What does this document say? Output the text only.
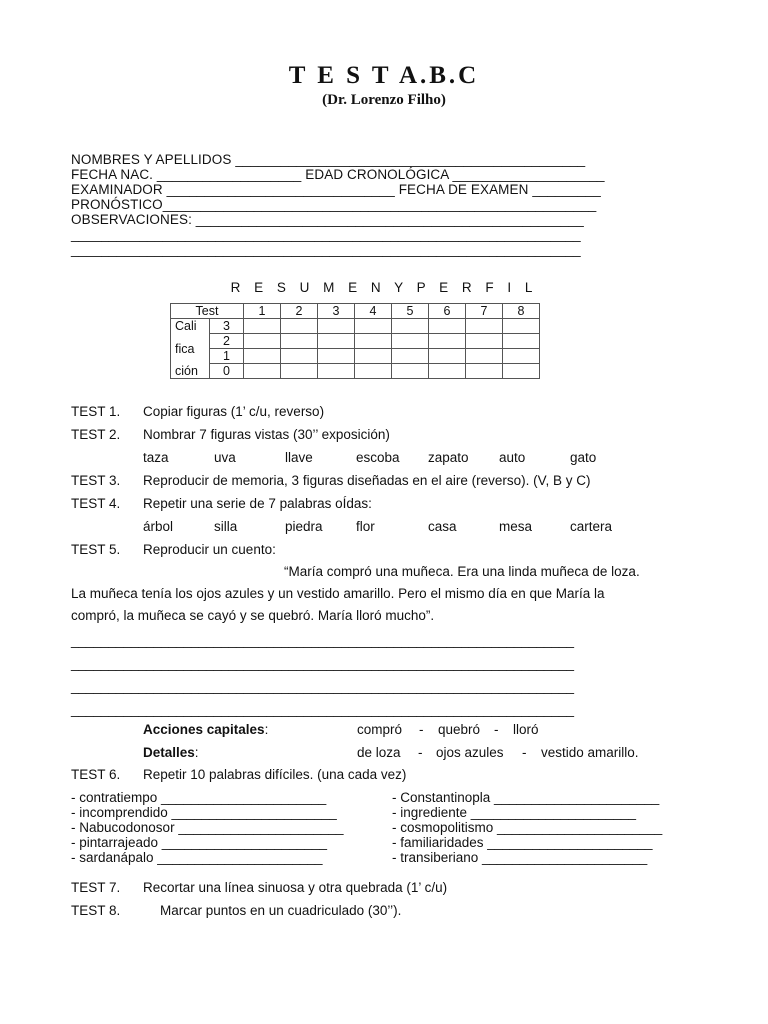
T E S T A.B.C
(Dr. Lorenzo Filho)
NOMBRES Y APELLIDOS ______________________________________________
FECHA NAC. ___________________ EDAD CRONOLÓGICA ____________________
EXAMINADOR ______________________________ FECHA DE EXAMEN _________
PRONÓSTICO_________________________________________________________
OBSERVACIONES: ___________________________________________________
___________________________________________________________________
___________________________________________________________________
R E S U M E N Y P E R F I L
Test		1	2	3	4	5	6	7	8
Cali	3								
fica	2								
	1								
ción	0								
TEST 1. Copiar figuras (1’ c/u, reverso)
TEST 2. Nombrar 7 figuras vistas (30’’ exposición)
taza	uva	llave	escoba zapato auto	gato
TEST 3. Reproducir de memoria, 3 figuras diseñadas en el aire (reverso). (V, B y C)
TEST 4. Repetir una serie de 7 palabras oÍdas:
árbol	silla	piedra flor	casa	mesa	cartera
TEST 5. Reproducir un cuento:
“María compró una muñeca. Era una linda muñeca de loza.
La muñeca tenía los ojos azules y un vestido amarillo. Pero el mismo día en que María la
compró, la muñeca se cayó y se quebró. María lloró mucho”.
___________________________________________________________________
___________________________________________________________________
___________________________________________________________________
___________________________________________________________________
Acciones capitales:	compró - quebró - lloró
Detalles:	de loza - ojos azules - vestido amarillo.
TEST 6. Repetir 10 palabras difíciles. (una cada vez)
- contratiempo ______________________
- incomprendido ______________________
- Nabucodonosor ______________________
- pintarrajeado ______________________
- sardanápalo ______________________
- Constantinopla ______________________
- ingrediente ______________________
- cosmopolitismo ______________________
- familiaridades ______________________
- transiberiano ______________________
TEST 7. Recortar una línea sinuosa y otra quebrada (1’ c/u)
TEST 8.	Marcar puntos en un cuadriculado (30’’).
